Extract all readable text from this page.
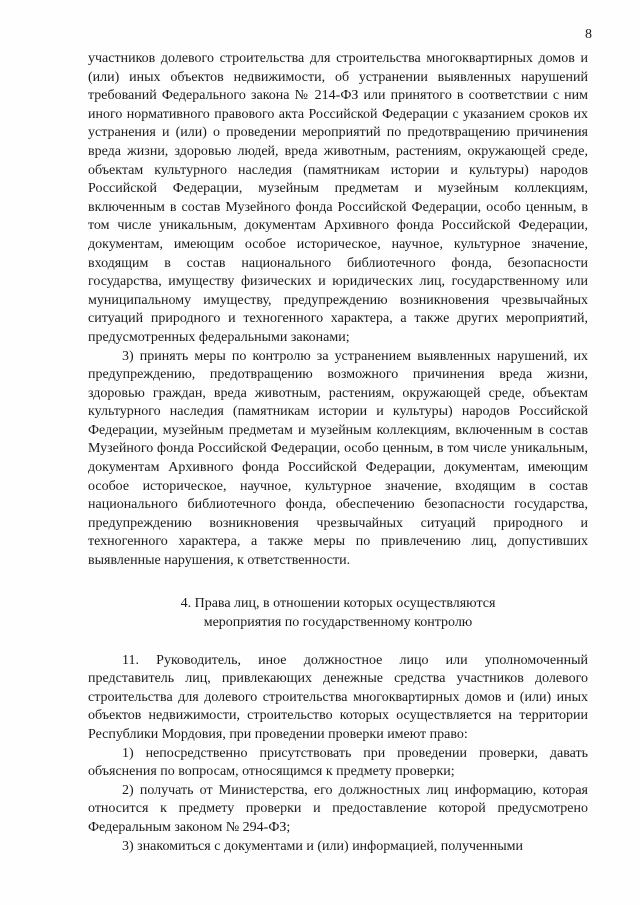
8

участников долевого строительства для строительства многоквартирных домов и (или) иных объектов недвижимости, об устранении выявленных нарушений требований Федерального закона № 214-ФЗ или принятого в соответствии с ним иного нормативного правового акта Российской Федерации с указанием сроков их устранения и (или) о проведении мероприятий по предотвращению причинения вреда жизни, здоровью людей, вреда животным, растениям, окружающей среде, объектам культурного наследия (памятникам истории и культуры) народов Российской Федерации, музейным предметам и музейным коллекциям, включенным в состав Музейного фонда Российской Федерации, особо ценным, в том числе уникальным, документам Архивного фонда Российской Федерации, документам, имеющим особое историческое, научное, культурное значение, входящим в состав национального библиотечного фонда, безопасности государства, имуществу физических и юридических лиц, государственному или муниципальному имуществу, предупреждению возникновения чрезвычайных ситуаций природного и техногенного характера, а также других мероприятий, предусмотренных федеральными законами;

3) принять меры по контролю за устранением выявленных нарушений, их предупреждению, предотвращению возможного причинения вреда жизни, здоровью граждан, вреда животным, растениям, окружающей среде, объектам культурного наследия (памятникам истории и культуры) народов Российской Федерации, музейным предметам и музейным коллекциям, включенным в состав Музейного фонда Российской Федерации, особо ценным, в том числе уникальным, документам Архивного фонда Российской Федерации, документам, имеющим особое историческое, научное, культурное значение, входящим в состав национального библиотечного фонда, обеспечению безопасности государства, предупреждению возникновения чрезвычайных ситуаций природного и техногенного характера, а также меры по привлечению лиц, допустивших выявленные нарушения, к ответственности.

4. Права лиц, в отношении которых осуществляются
мероприятия по государственному контролю

11. Руководитель, иное должностное лицо или уполномоченный представитель лиц, привлекающих денежные средства участников долевого строительства для долевого строительства многоквартирных домов и (или) иных объектов недвижимости, строительство которых осуществляется на территории Республики Мордовия, при проведении проверки имеют право:

1) непосредственно присутствовать при проведении проверки, давать объяснения по вопросам, относящимся к предмету проверки;

2) получать от Министерства, его должностных лиц информацию, которая относится к предмету проверки и предоставление которой предусмотрено Федеральным законом № 294-ФЗ;

3) знакомиться с документами и (или) информацией, полученными
